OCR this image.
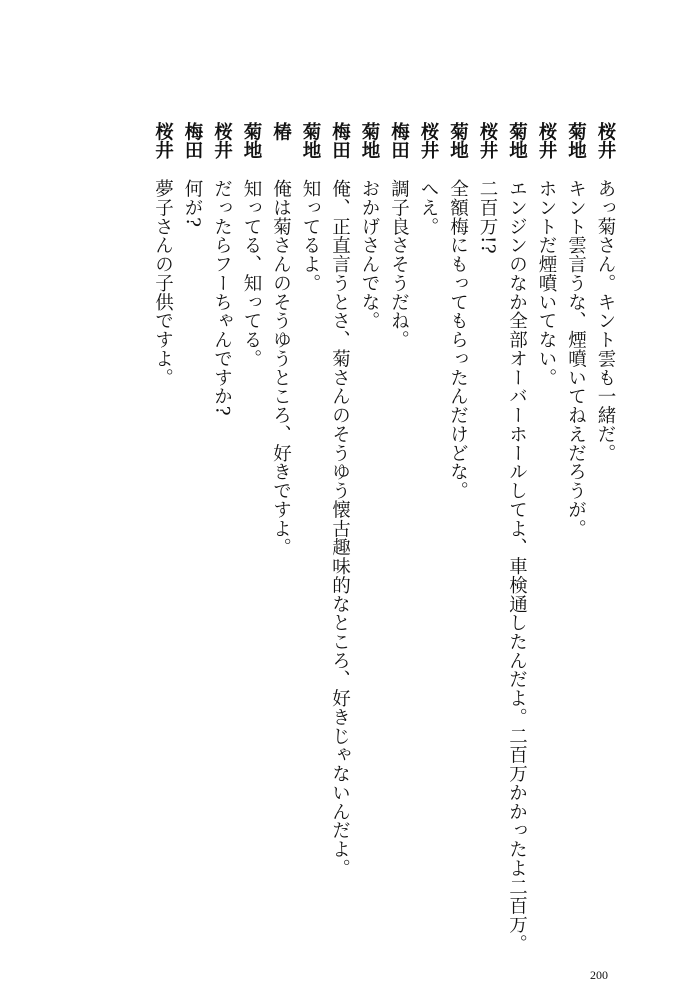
桜井あっ菊さん。キント雲も一緒だ。
菊地キント雲言うな、煙噴いてねえだろうが。
桜井ホントだ煙噴いてない。
菊地エンジンのなか全部オーバーホールしてよ、車検通したんだよ。二百万かかったよ二百万。
桜井二百万!?
菊地全額梅にもってもらったんだけどな。
桜井へえ。
梅田調子良さそうだね。
菊地おかげさんでな。
梅田俺、正直言うとさ、菊さんのそうゆう懐古趣味的なところ、好きじゃないんだよ。
菊地知ってるよ。
椿俺は菊さんのそうゆうところ、好きですよ。
菊地知ってる、知ってる。
桜井だったらフーちゃんですか?
梅田何が?
桜井夢子さんの子供ですよ。
200
